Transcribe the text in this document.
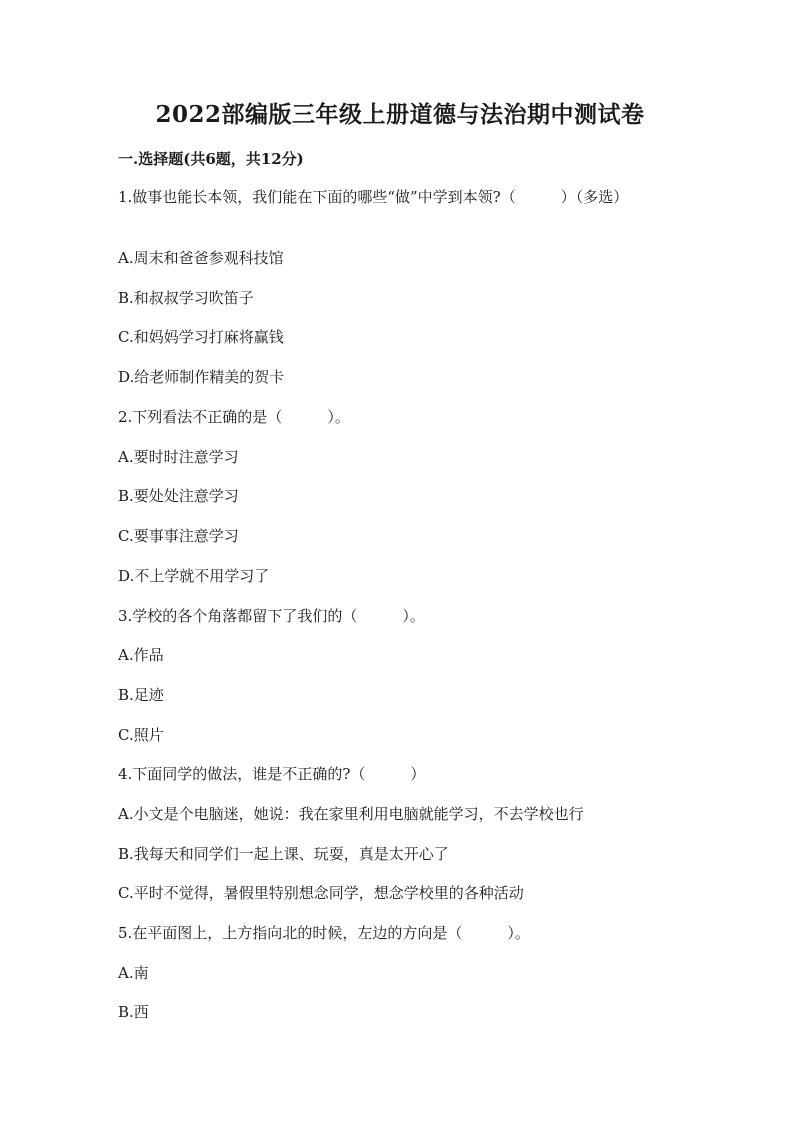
2022部编版三年级上册道德与法治期中测试卷
一.选择题(共6题，共12分)
1.做事也能长本领，我们能在下面的哪些“做”中学到本领?（　　　）（多选）
A.周末和爸爸参观科技馆
B.和叔叔学习吹笛子
C.和妈妈学习打麻将赢钱
D.给老师制作精美的贺卡
2.下列看法不正确的是（　　　）。
A.要时时注意学习
B.要处处注意学习
C.要事事注意学习
D.不上学就不用学习了
3.学校的各个角落都留下了我们的（　　　）。
A.作品
B.足迹
C.照片
4.下面同学的做法，谁是不正确的?（　　　）
A.小文是个电脑迷，她说：我在家里利用电脑就能学习，不去学校也行
B.我每天和同学们一起上课、玩耍，真是太开心了
C.平时不觉得，暑假里特别想念同学，想念学校里的各种活动
5.在平面图上，上方指向北的时候，左边的方向是（　　　）。
A.南
B.西
